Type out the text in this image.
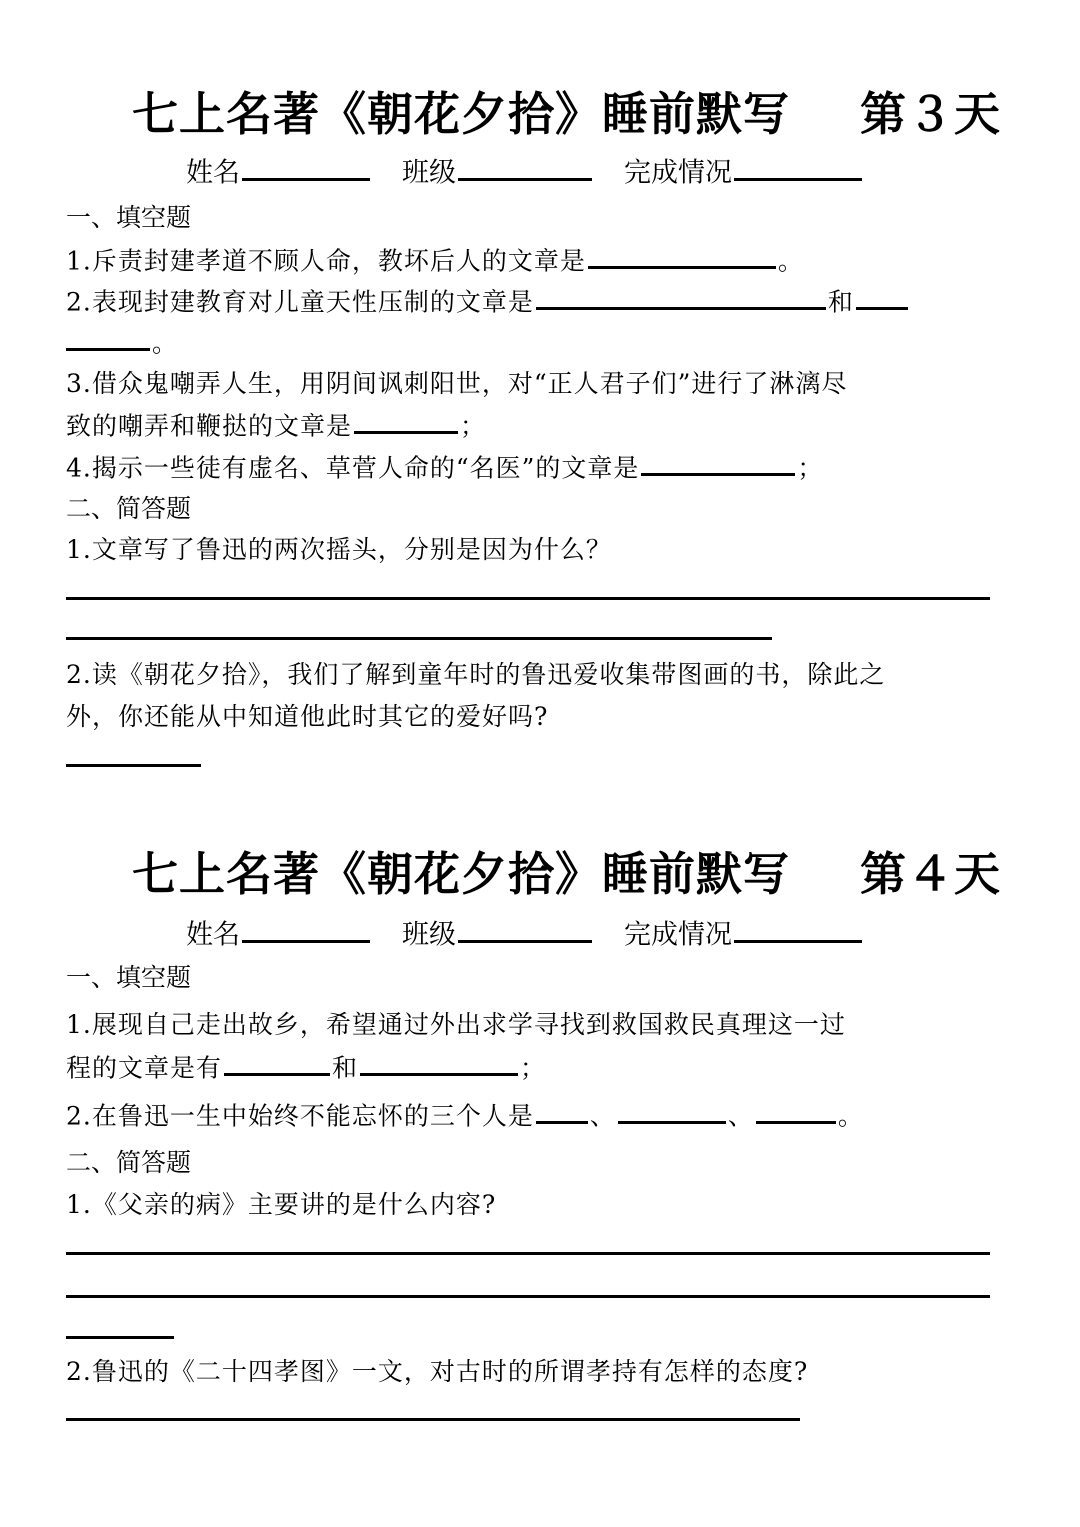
七上名著《朝花夕拾》睡前默写 第３天
姓名	班级	完成情况
一、填空题
1.斥责封建孝道不顾人命，教坏后人的文章是	。
2.表现封建教育对儿童天性压制的文章是	和
。
3.借众鬼嘲弄人生，用阴间讽刺阳世，对“正人君子们”进行了淋漓尽
致的嘲弄和鞭挞的文章是	；
4.揭示一些徒有虚名、草菅人命的“名医”的文章是	；
二、简答题
1.文章写了鲁迅的两次摇头，分别是因为什么？
2.读《朝花夕拾》，我们了解到童年时的鲁迅爱收集带图画的书，除此之
外，你还能从中知道他此时其它的爱好吗?
七上名著《朝花夕拾》睡前默写 第４天
姓名	班级	完成情况
一、填空题
1.展现自己走出故乡，希望通过外出求学寻找到救国救民真理这一过
程的文章是有	和	；
2.在鲁迅一生中始终不能忘怀的三个人是 、	、	。
二、简答题
1.《父亲的病》主要讲的是什么内容?
2.鲁迅的《二十四孝图》一文，对古时的所谓孝持有怎样的态度?
